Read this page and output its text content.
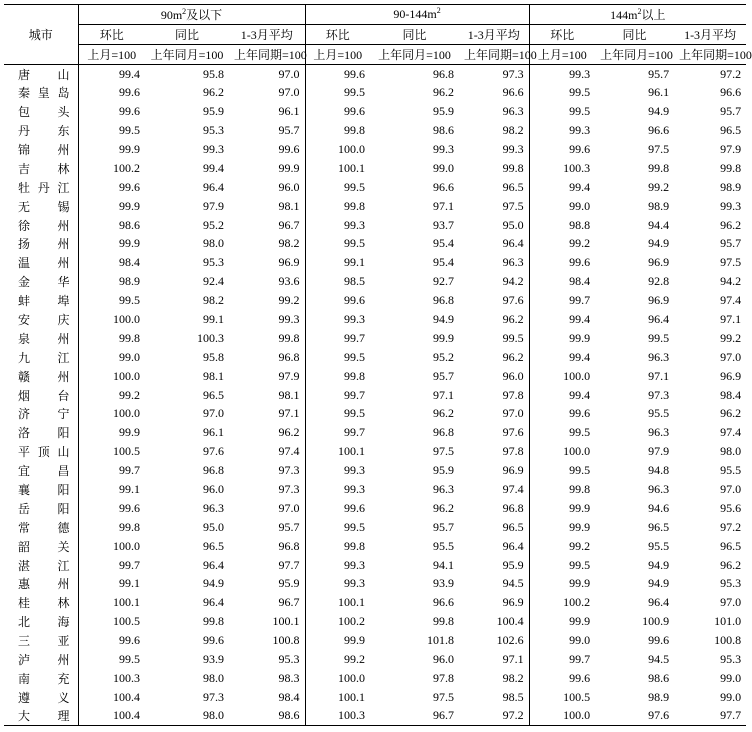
城市	$90m^2$及以下			$90-144m^2$			$144m^2$以上		
	环比	同比	1-3月平均	环比	同比	1-3月平均	环比	同比	1-3月平均
	上月=100	上年同月=100	上年同期=100	上月=100	上年同月=100	上年同期=100	上月=100	上年同月=100	上年同期=100
唐山	99.4	95.8	97.0	99.6	96.8	97.3	99.3	95.7	97.2
秦皇岛	99.6	96.2	97.0	99.5	96.2	96.6	99.5	96.1	96.6
包头	99.6	95.9	96.1	99.6	95.9	96.3	99.5	94.9	95.7
丹东	99.5	95.3	95.7	99.8	98.6	98.2	99.3	96.6	96.5
锦州	99.9	99.3	99.6	100.0	99.3	99.3	99.6	97.5	97.9
吉林	100.2	99.4	99.9	100.1	99.0	99.8	100.3	99.8	99.8
牡丹江	99.6	96.4	96.0	99.5	96.6	96.5	99.4	99.2	98.9
无锡	99.9	97.9	98.1	99.8	97.1	97.5	99.0	98.9	99.3
徐州	98.6	95.2	96.7	99.3	93.7	95.0	98.8	94.4	96.2
扬州	99.9	98.0	98.2	99.5	95.4	96.4	99.2	94.9	95.7
温州	98.4	95.3	96.9	99.1	95.4	96.3	99.6	96.9	97.5
金华	98.9	92.4	93.6	98.5	92.7	94.2	98.4	92.8	94.2
蚌埠	99.5	98.2	99.2	99.6	96.8	97.6	99.7	96.9	97.4
安庆	100.0	99.1	99.3	99.3	94.9	96.2	99.4	96.4	97.1
泉州	99.8	100.3	99.8	99.7	99.9	99.5	99.9	99.5	99.2
九江	99.0	95.8	96.8	99.5	95.2	96.2	99.4	96.3	97.0
赣州	100.0	98.1	97.9	99.8	95.7	96.0	100.0	97.1	96.9
烟台	99.2	96.5	98.1	99.7	97.1	97.8	99.4	97.3	98.4
济宁	100.0	97.0	97.1	99.5	96.2	97.0	99.6	95.5	96.2
洛阳	99.9	96.1	96.2	99.7	96.8	97.6	99.5	96.3	97.4
平顶山	100.5	97.6	97.4	100.1	97.5	97.8	100.0	97.9	98.0
宜昌	99.7	96.8	97.3	99.3	95.9	96.9	99.5	94.8	95.5
襄阳	99.1	96.0	97.3	99.3	96.3	97.4	99.8	96.3	97.0
岳阳	99.6	96.3	97.0	99.6	96.2	96.8	99.9	94.6	95.6
常德	99.8	95.0	95.7	99.5	95.7	96.5	99.9	96.5	97.2
韶关	100.0	96.5	96.8	99.8	95.5	96.4	99.2	95.5	96.5
湛江	99.7	96.4	97.7	99.3	94.1	95.9	99.5	94.9	96.2
惠州	99.1	94.9	95.9	99.3	93.9	94.5	99.9	94.9	95.3
桂林	100.1	96.4	96.7	100.1	96.6	96.9	100.2	96.4	97.0
北海	100.5	99.8	100.1	100.2	99.8	100.4	99.9	100.9	101.0
三亚	99.6	99.6	100.8	99.9	101.8	102.6	99.0	99.6	100.8
泸州	99.5	93.9	95.3	99.2	96.0	97.1	99.7	94.5	95.3
南充	100.3	98.0	98.3	100.0	97.8	98.2	99.6	98.6	99.0
遵义	100.4	97.3	98.4	100.1	97.5	98.5	100.5	98.9	99.0
大理	100.4	98.0	98.6	100.3	96.7	97.2	100.0	97.6	97.7
